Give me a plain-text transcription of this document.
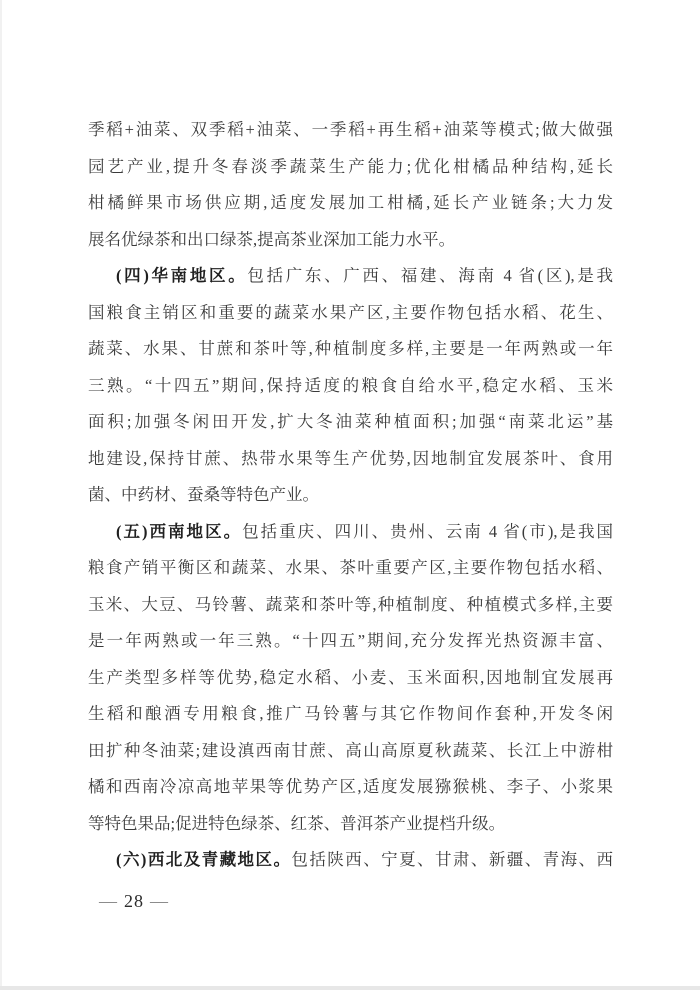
季稻+油菜、双季稻+油菜、一季稻+再生稻+油菜等模式;做大做强
园艺产业,提升冬春淡季蔬菜生产能力;优化柑橘品种结构,延长
柑橘鲜果市场供应期,适度发展加工柑橘,延长产业链条;大力发
展名优绿茶和出口绿茶,提高茶业深加工能力水平。
(四)华南地区。包括广东、广西、福建、海南 4 省(区),是我
国粮食主销区和重要的蔬菜水果产区,主要作物包括水稻、花生、
蔬菜、水果、甘蔗和茶叶等,种植制度多样,主要是一年两熟或一年
三熟。“十四五”期间,保持适度的粮食自给水平,稳定水稻、玉米
面积;加强冬闲田开发,扩大冬油菜种植面积;加强“南菜北运”基
地建设,保持甘蔗、热带水果等生产优势,因地制宜发展茶叶、食用
菌、中药材、蚕桑等特色产业。
(五)西南地区。包括重庆、四川、贵州、云南 4 省(市),是我国
粮食产销平衡区和蔬菜、水果、茶叶重要产区,主要作物包括水稻、
玉米、大豆、马铃薯、蔬菜和茶叶等,种植制度、种植模式多样,主要
是一年两熟或一年三熟。“十四五”期间,充分发挥光热资源丰富、
生产类型多样等优势,稳定水稻、小麦、玉米面积,因地制宜发展再
生稻和酿酒专用粮食,推广马铃薯与其它作物间作套种,开发冬闲
田扩种冬油菜;建设滇西南甘蔗、高山高原夏秋蔬菜、长江上中游柑
橘和西南冷凉高地苹果等优势产区,适度发展猕猴桃、李子、小浆果
等特色果品;促进特色绿茶、红茶、普洱茶产业提档升级。
(六)西北及青藏地区。包括陕西、宁夏、甘肃、新疆、青海、西
— 28 —
